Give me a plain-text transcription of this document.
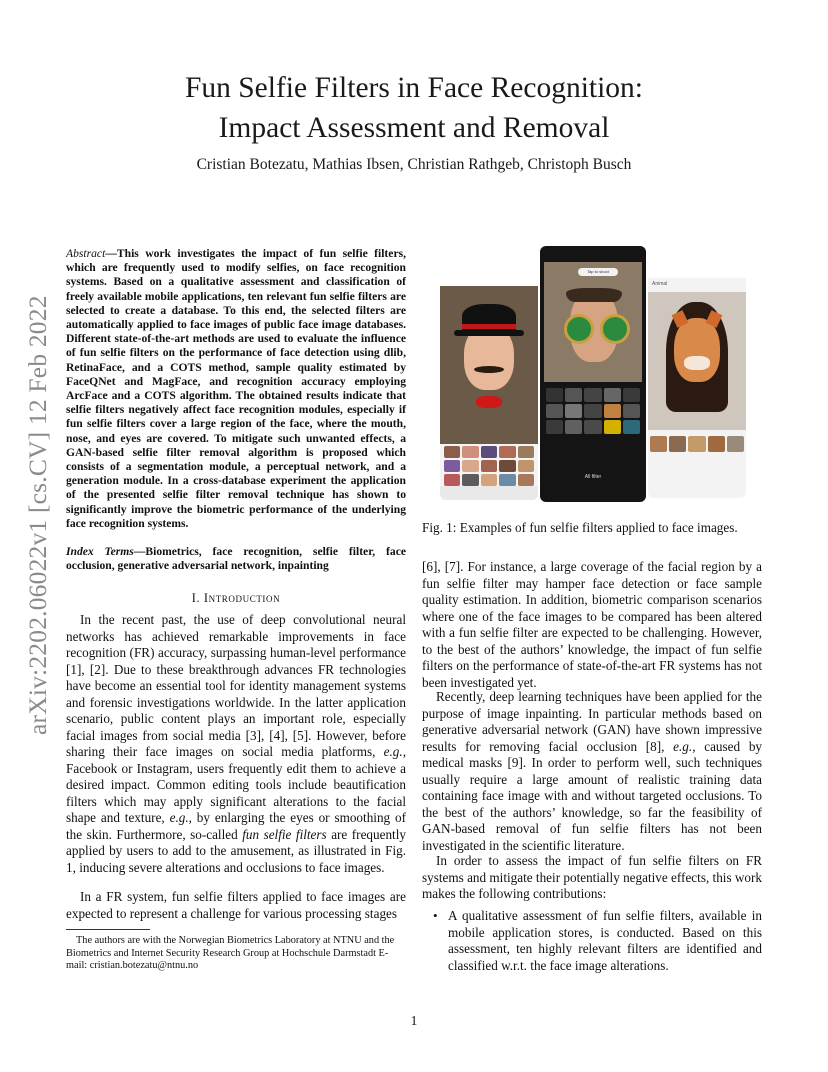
arXiv:2202.06022v1 [cs.CV] 12 Feb 2022
Fun Selfie Filters in Face Recognition:
Impact Assessment and Removal
Cristian Botezatu, Mathias Ibsen, Christian Rathgeb, Christoph Busch
Abstract—This work investigates the impact of fun selfie filters, which are frequently used to modify selfies, on face recognition systems. Based on a qualitative assessment and classification of freely available mobile applications, ten relevant fun selfie filters are selected to create a database. To this end, the selected filters are automatically applied to face images of public face image databases. Different state-of-the-art methods are used to evaluate the influence of fun selfie filters on the performance of face detection using dlib, RetinaFace, and a COTS method, sample quality estimated by FaceQNet and MagFace, and recognition accuracy employing ArcFace and a COTS algorithm. The obtained results indicate that selfie filters negatively affect face recognition modules, especially if fun selfie filters cover a large region of the face, where the mouth, nose, and eyes are covered. To mitigate such unwanted effects, a GAN-based selfie filter removal algorithm is proposed which consists of a segmentation module, a perceptual network, and a generation module. In a cross-database experiment the application of the presented selfie filter removal technique has shown to significantly improve the biometric performance of the underlying face recognition systems.
Index Terms—Biometrics, face recognition, selfie filter, face occlusion, generative adversarial network, inpainting
I. Introduction
In the recent past, the use of deep convolutional neural networks has achieved remarkable improvements in face recognition (FR) accuracy, surpassing human-level performance [1], [2]. Due to these breakthrough advances FR technologies have become an essential tool for identity management systems and forensic investigations worldwide. In the latter application scenario, public content plays an important role, especially facial images from social media [3], [4], [5]. However, before sharing their face images on social media platforms, e.g., Facebook or Instagram, users frequently edit them to achieve a desired impact. Common editing tools include beautification filters which may apply significant alterations to the facial shape and texture, e.g., by enlarging the eyes or smoothing of the skin. Furthermore, so-called fun selfie filters are frequently applied by users to add to the amusement, as illustrated in Fig. 1, inducing severe alterations and occlusions to face images.
In a FR system, fun selfie filters applied to face images are expected to represent a challenge for various processing stages
The authors are with the Norwegian Biometrics Laboratory at NTNU and the Biometrics and Internet Security Research Group at Hochschule Darmstadt E-mail: cristian.botezatu@ntnu.no
Tap to shoot
All filter
Animal
Fig. 1: Examples of fun selfie filters applied to face images.
[6], [7]. For instance, a large coverage of the facial region by a fun selfie filter may hamper face detection or face sample quality estimation. In addition, biometric comparison scenarios where one of the face images to be compared has been altered with a fun selfie filter are expected to be challenging. However, to the best of the authors’ knowledge, the impact of fun selfie filters on the performance of state-of-the-art FR systems has not been investigated yet.
Recently, deep learning techniques have been applied for the purpose of image inpainting. In particular methods based on generative adversarial network (GAN) have shown impressive results for removing facial occlusion [8], e.g., caused by medical masks [9]. In order to perform well, such techniques usually require a large amount of realistic training data containing face image with and without targeted occlusions. To the best of the authors’ knowledge, so far the feasibility of GAN-based removal of fun selfie filters has not been investigated in the scientific literature.
In order to assess the impact of fun selfie filters on FR systems and mitigate their potentially negative effects, this work makes the following contributions:
• A qualitative assessment of fun selfie filters, available in mobile application stores, is conducted. Based on this assessment, ten highly relevant filters are identified and classified w.r.t. the face image alterations.
1
